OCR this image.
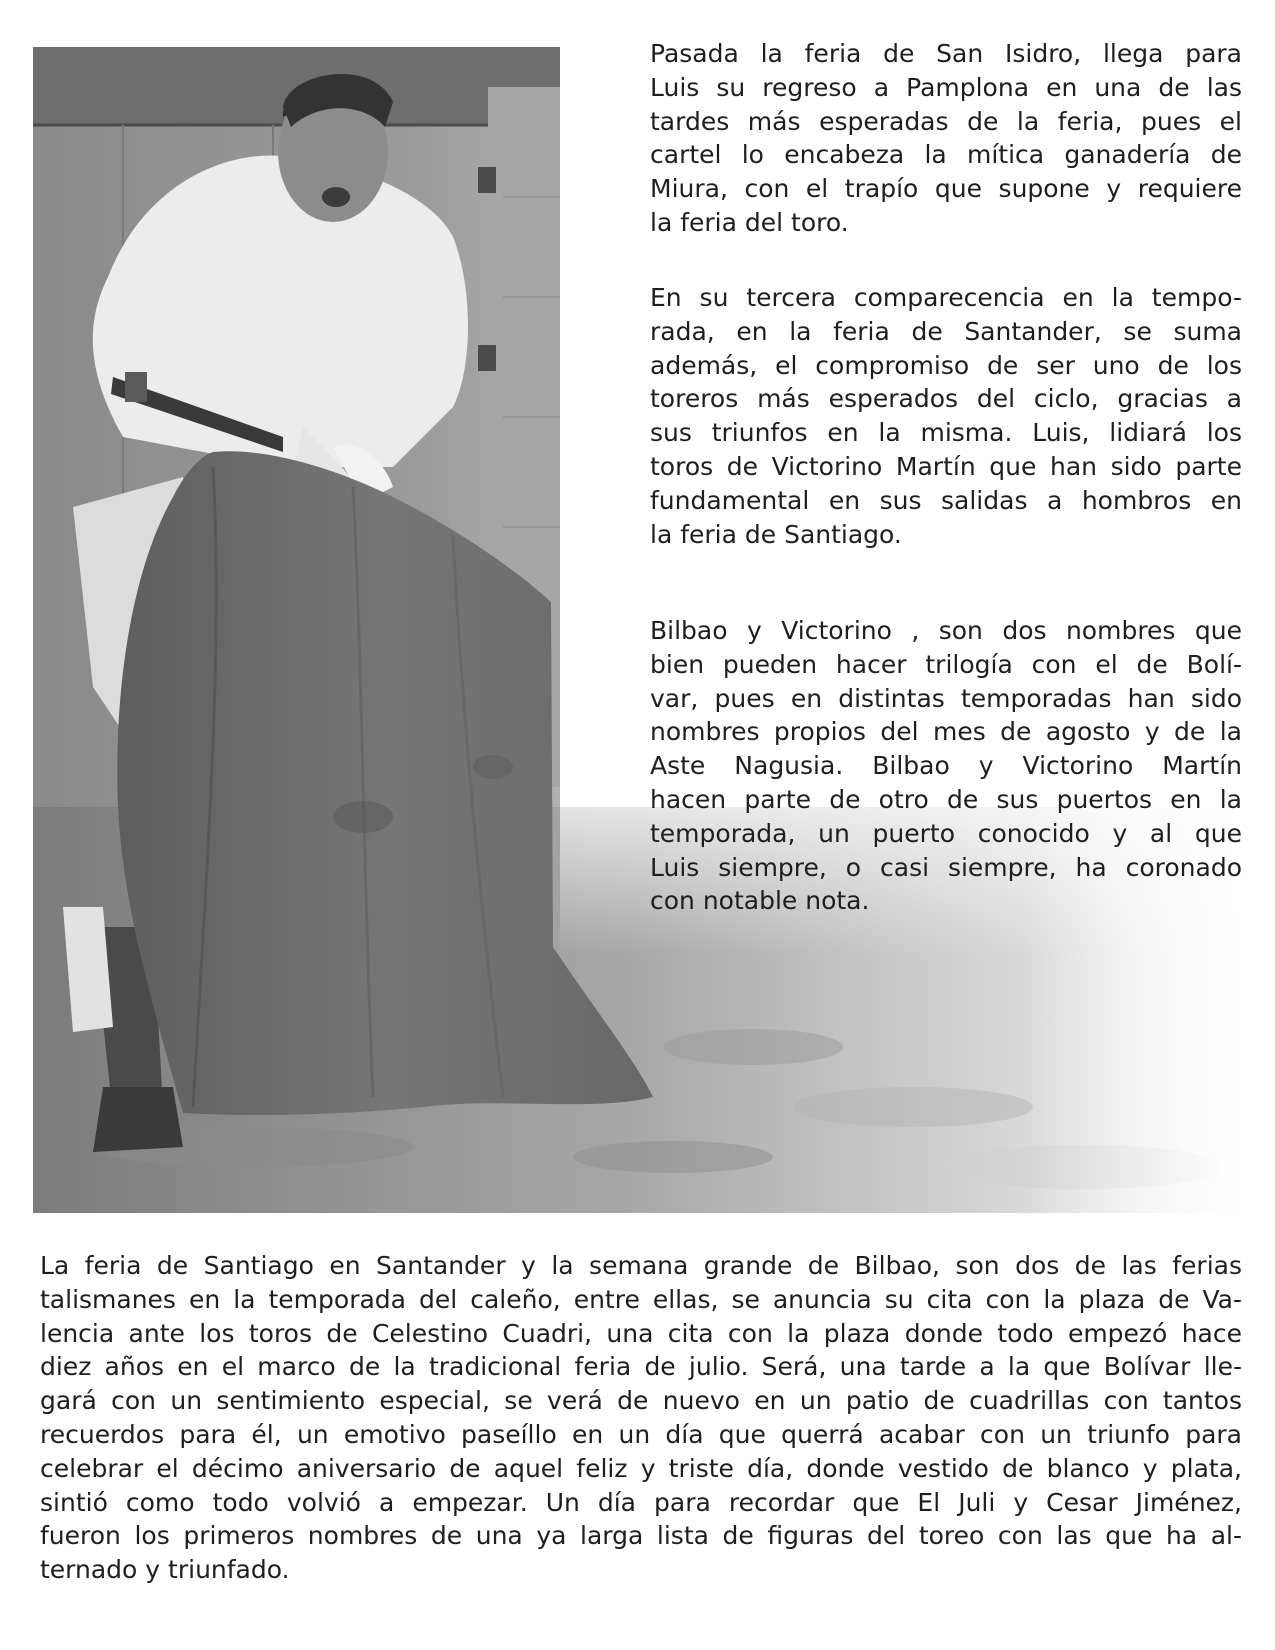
Pasada la feria de San Isidro, llega para
Luis su regreso a Pamplona en una de las
tardes más esperadas de la feria, pues el
cartel lo encabeza la mítica ganadería de
Miura, con el trapío que supone y requiere
la feria del toro.
En su tercera comparecencia en la tempo-
rada, en la feria de Santander, se suma
además, el compromiso de ser uno de los
toreros más esperados del ciclo, gracias a
sus triunfos en la misma. Luis, lidiará los
toros de Victorino Martín que han sido parte
fundamental en sus salidas a hombros en
la feria de Santiago.
Bilbao y Victorino , son dos nombres que
bien pueden hacer trilogía con el de Bolí-
var, pues en distintas temporadas han sido
nombres propios del mes de agosto y de la
Aste Nagusia. Bilbao y Victorino Martín
hacen parte de otro de sus puertos en la
temporada, un puerto conocido y al que
Luis siempre, o casi siempre, ha coronado
con notable nota.
La feria de Santiago en Santander y la semana grande de Bilbao, son dos de las ferias
talismanes en la temporada del caleño, entre ellas, se anuncia su cita con la plaza de Va-
lencia ante los toros de Celestino Cuadri, una cita con la plaza donde todo empezó hace
diez años en el marco de la tradicional feria de julio. Será, una tarde a la que Bolívar lle-
gará con un sentimiento especial, se verá de nuevo en un patio de cuadrillas con tantos
recuerdos para él, un emotivo paseíllo en un día que querrá acabar con un triunfo para
celebrar el décimo aniversario de aquel feliz y triste día, donde vestido de blanco y plata,
sintió como todo volvió a empezar. Un día para recordar que El Juli y Cesar Jiménez,
fueron los primeros nombres de una ya larga lista de figuras del toreo con las que ha al-
ternado y triunfado.
